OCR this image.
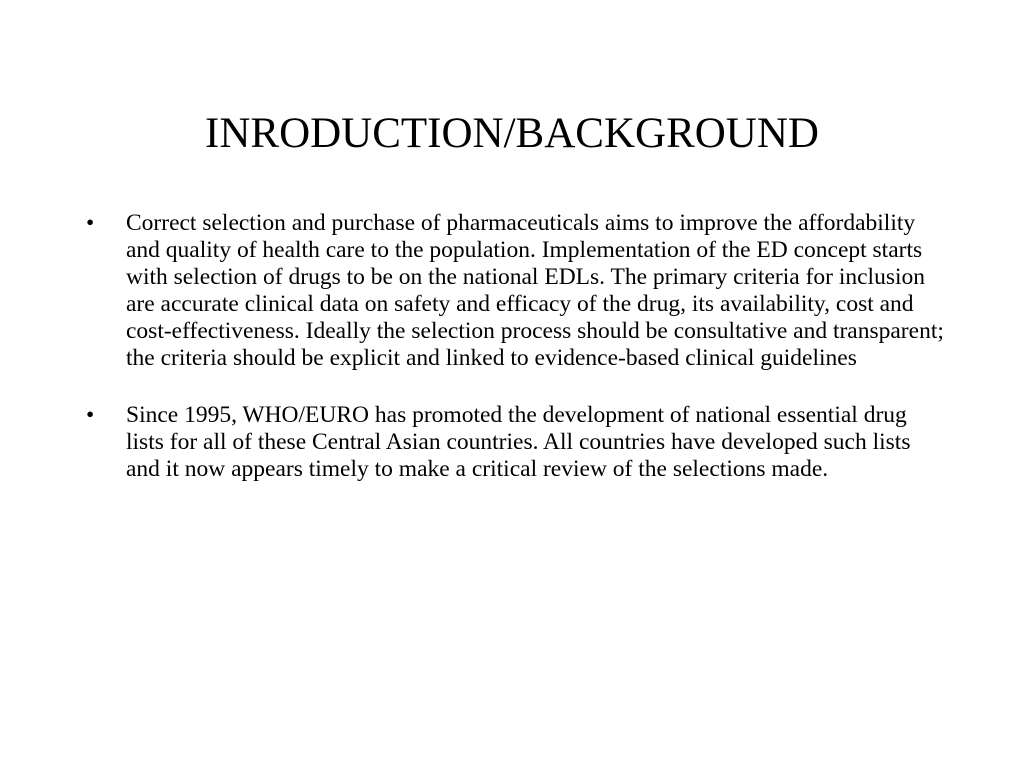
INRODUCTION/BACKGROUND
•	Correct selection and purchase of pharmaceuticals aims to improve the affordability and quality of health care to the population. Implementation of the ED concept starts with selection of drugs to be on the national EDLs. The primary criteria for inclusion are accurate clinical data on safety and efficacy of the drug, its availability, cost and cost-effectiveness. Ideally the selection process should be consultative and transparent; the criteria should be explicit and linked to evidence-based clinical guidelines
•	Since 1995, WHO/EURO has promoted the development of national essential drug lists for all of these Central Asian countries. All countries have developed such lists and it now appears timely to make a critical review of the selections made.
